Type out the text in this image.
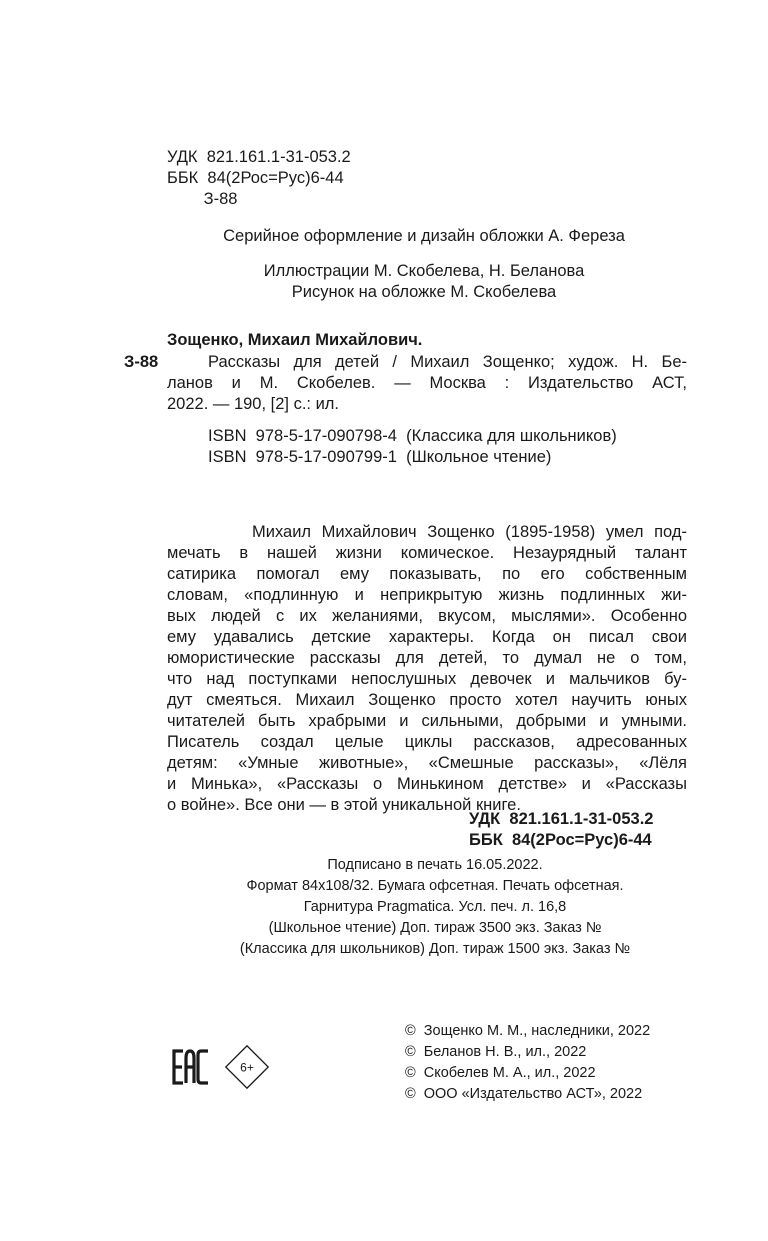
УДК  821.161.1-31-053.2
ББК  84(2Рос=Рус)6-44
З-88
Серийное оформление и дизайн обложки А. Фереза
Иллюстрации М. Скобелева, Н. Беланова
Рисунок на обложке М. Скобелева
Зощенко, Михаил Михайлович.
З-88	Рассказы для детей / Михаил Зощенко; худож. Н. Бе-
ланов и М. Скобелев. — Москва : Издательство АСТ,
2022. — 190, [2] с.: ил.
ISBN  978-5-17-090798-4  (Классика для школьников)
ISBN  978-5-17-090799-1  (Школьное чтение)
Михаил Михайлович Зощенко (1895-1958) умел под-
мечать в нашей жизни комическое. Незаурядный талант
сатирика помогал ему показывать, по его собственным
словам, «подлинную и неприкрытую жизнь подлинных жи-
вых людей с их желаниями, вкусом, мыслями». Особенно
ему удавались детские характеры. Когда он писал свои
юмористические рассказы для детей, то думал не о том,
что над поступками непослушных девочек и мальчиков бу-
дут смеяться. Михаил Зощенко просто хотел научить юных
читателей быть храбрыми и сильными, добрыми и умными.
Писатель создал целые циклы рассказов, адресованных
детям: «Умные животные», «Смешные рассказы», «Лёля
и Минька», «Рассказы о Минькином детстве» и «Рассказы
о войне». Все они — в этой уникальной книге.
УДК  821.161.1-31-053.2
ББК  84(2Рос=Рус)6-44
Подписано в печать 16.05.2022.
Формат 84x108/32. Бумага офсетная. Печать офсетная.
Гарнитура Pragmatica. Усл. печ. л. 16,8
(Школьное чтение) Доп. тираж 3500 экз. Заказ №
(Классика для школьников) Доп. тираж 1500 экз. Заказ №
©  Зощенко М. М., наследники, 2022
©  Беланов Н. В., ил., 2022
©  Скобелев М. А., ил., 2022
©  ООО «Издательство АСТ», 2022
6+
